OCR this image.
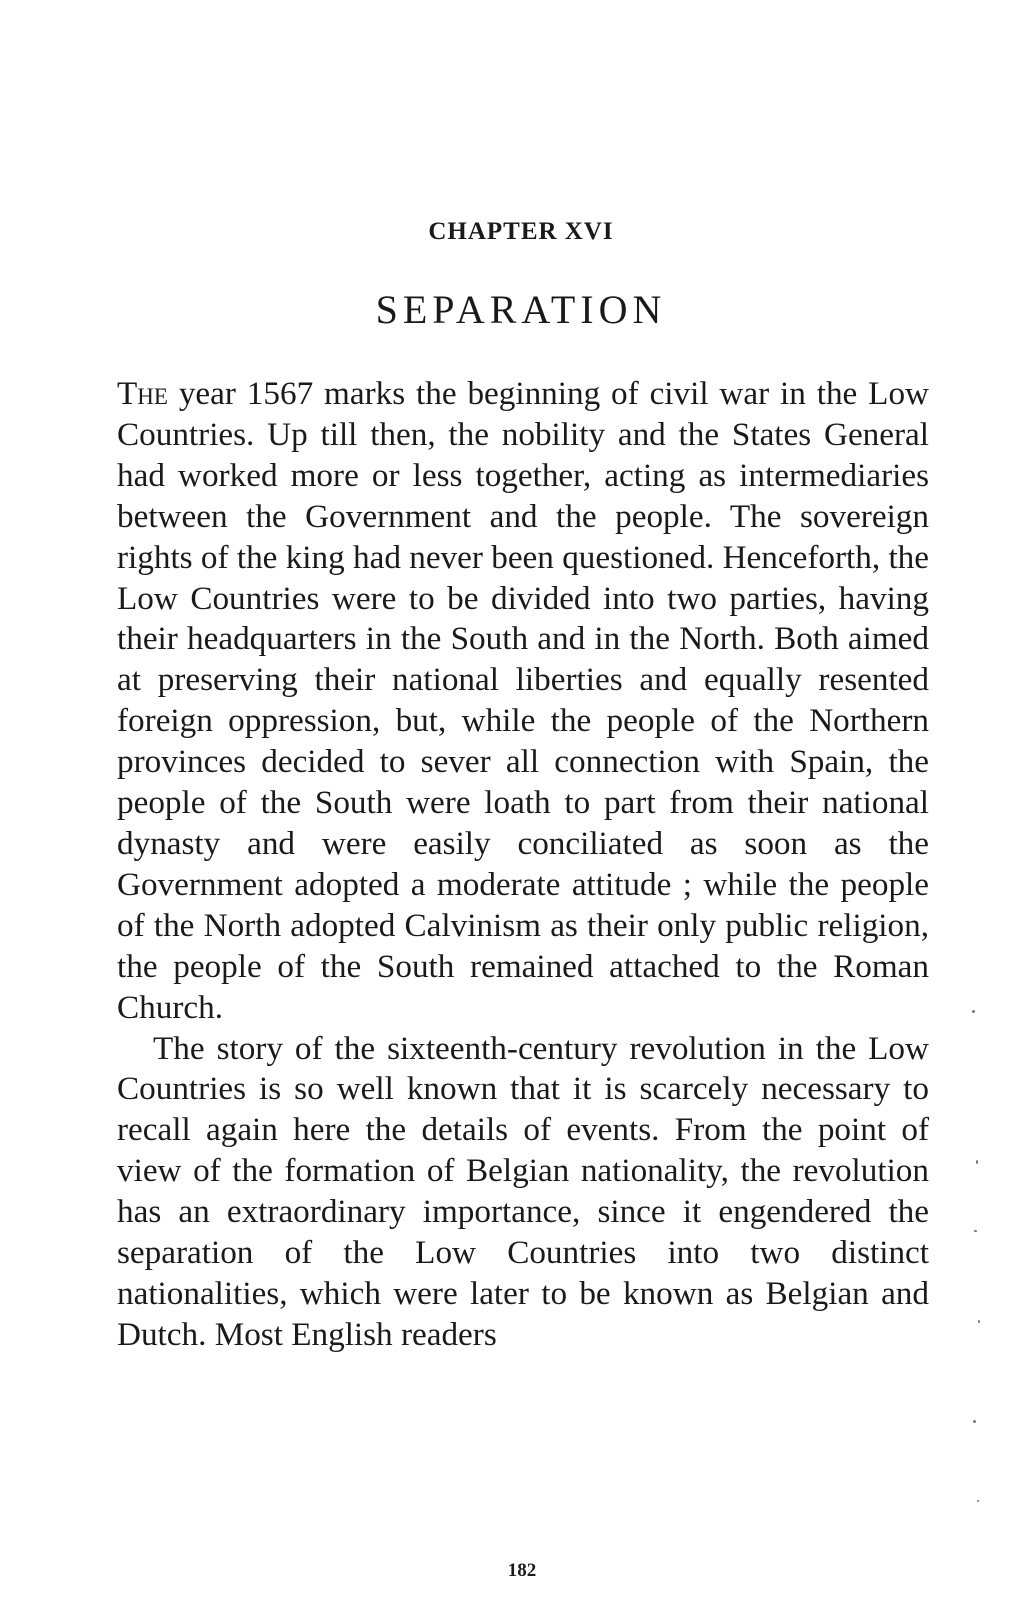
CHAPTER XVI
SEPARATION

The year 1567 marks the beginning of civil war in the Low Countries. Up till then, the nobility and the States General had worked more or less together, acting as intermediaries between the Government and the people. The sovereign rights of the king had never been questioned. Henceforth, the Low Countries were to be divided into two parties, having their headquarters in the South and in the North. Both aimed at preserving their national liberties and equally resented foreign oppression, but, while the people of the Northern provinces decided to sever all connection with Spain, the people of the South were loath to part from their national dynasty and were easily conciliated as soon as the Government adopted a moderate attitude ; while the people of the North adopted Calvinism as their only public religion, the people of the South remained attached to the Roman Church.

The story of the sixteenth-century revolution in the Low Countries is so well known that it is scarcely necessary to recall again here the details of events. From the point of view of the formation of Belgian nationality, the revolution has an extraordinary importance, since it engendered the separation of the Low Countries into two distinct nationalities, which were later to be known as Belgian and Dutch. Most English readers

182
